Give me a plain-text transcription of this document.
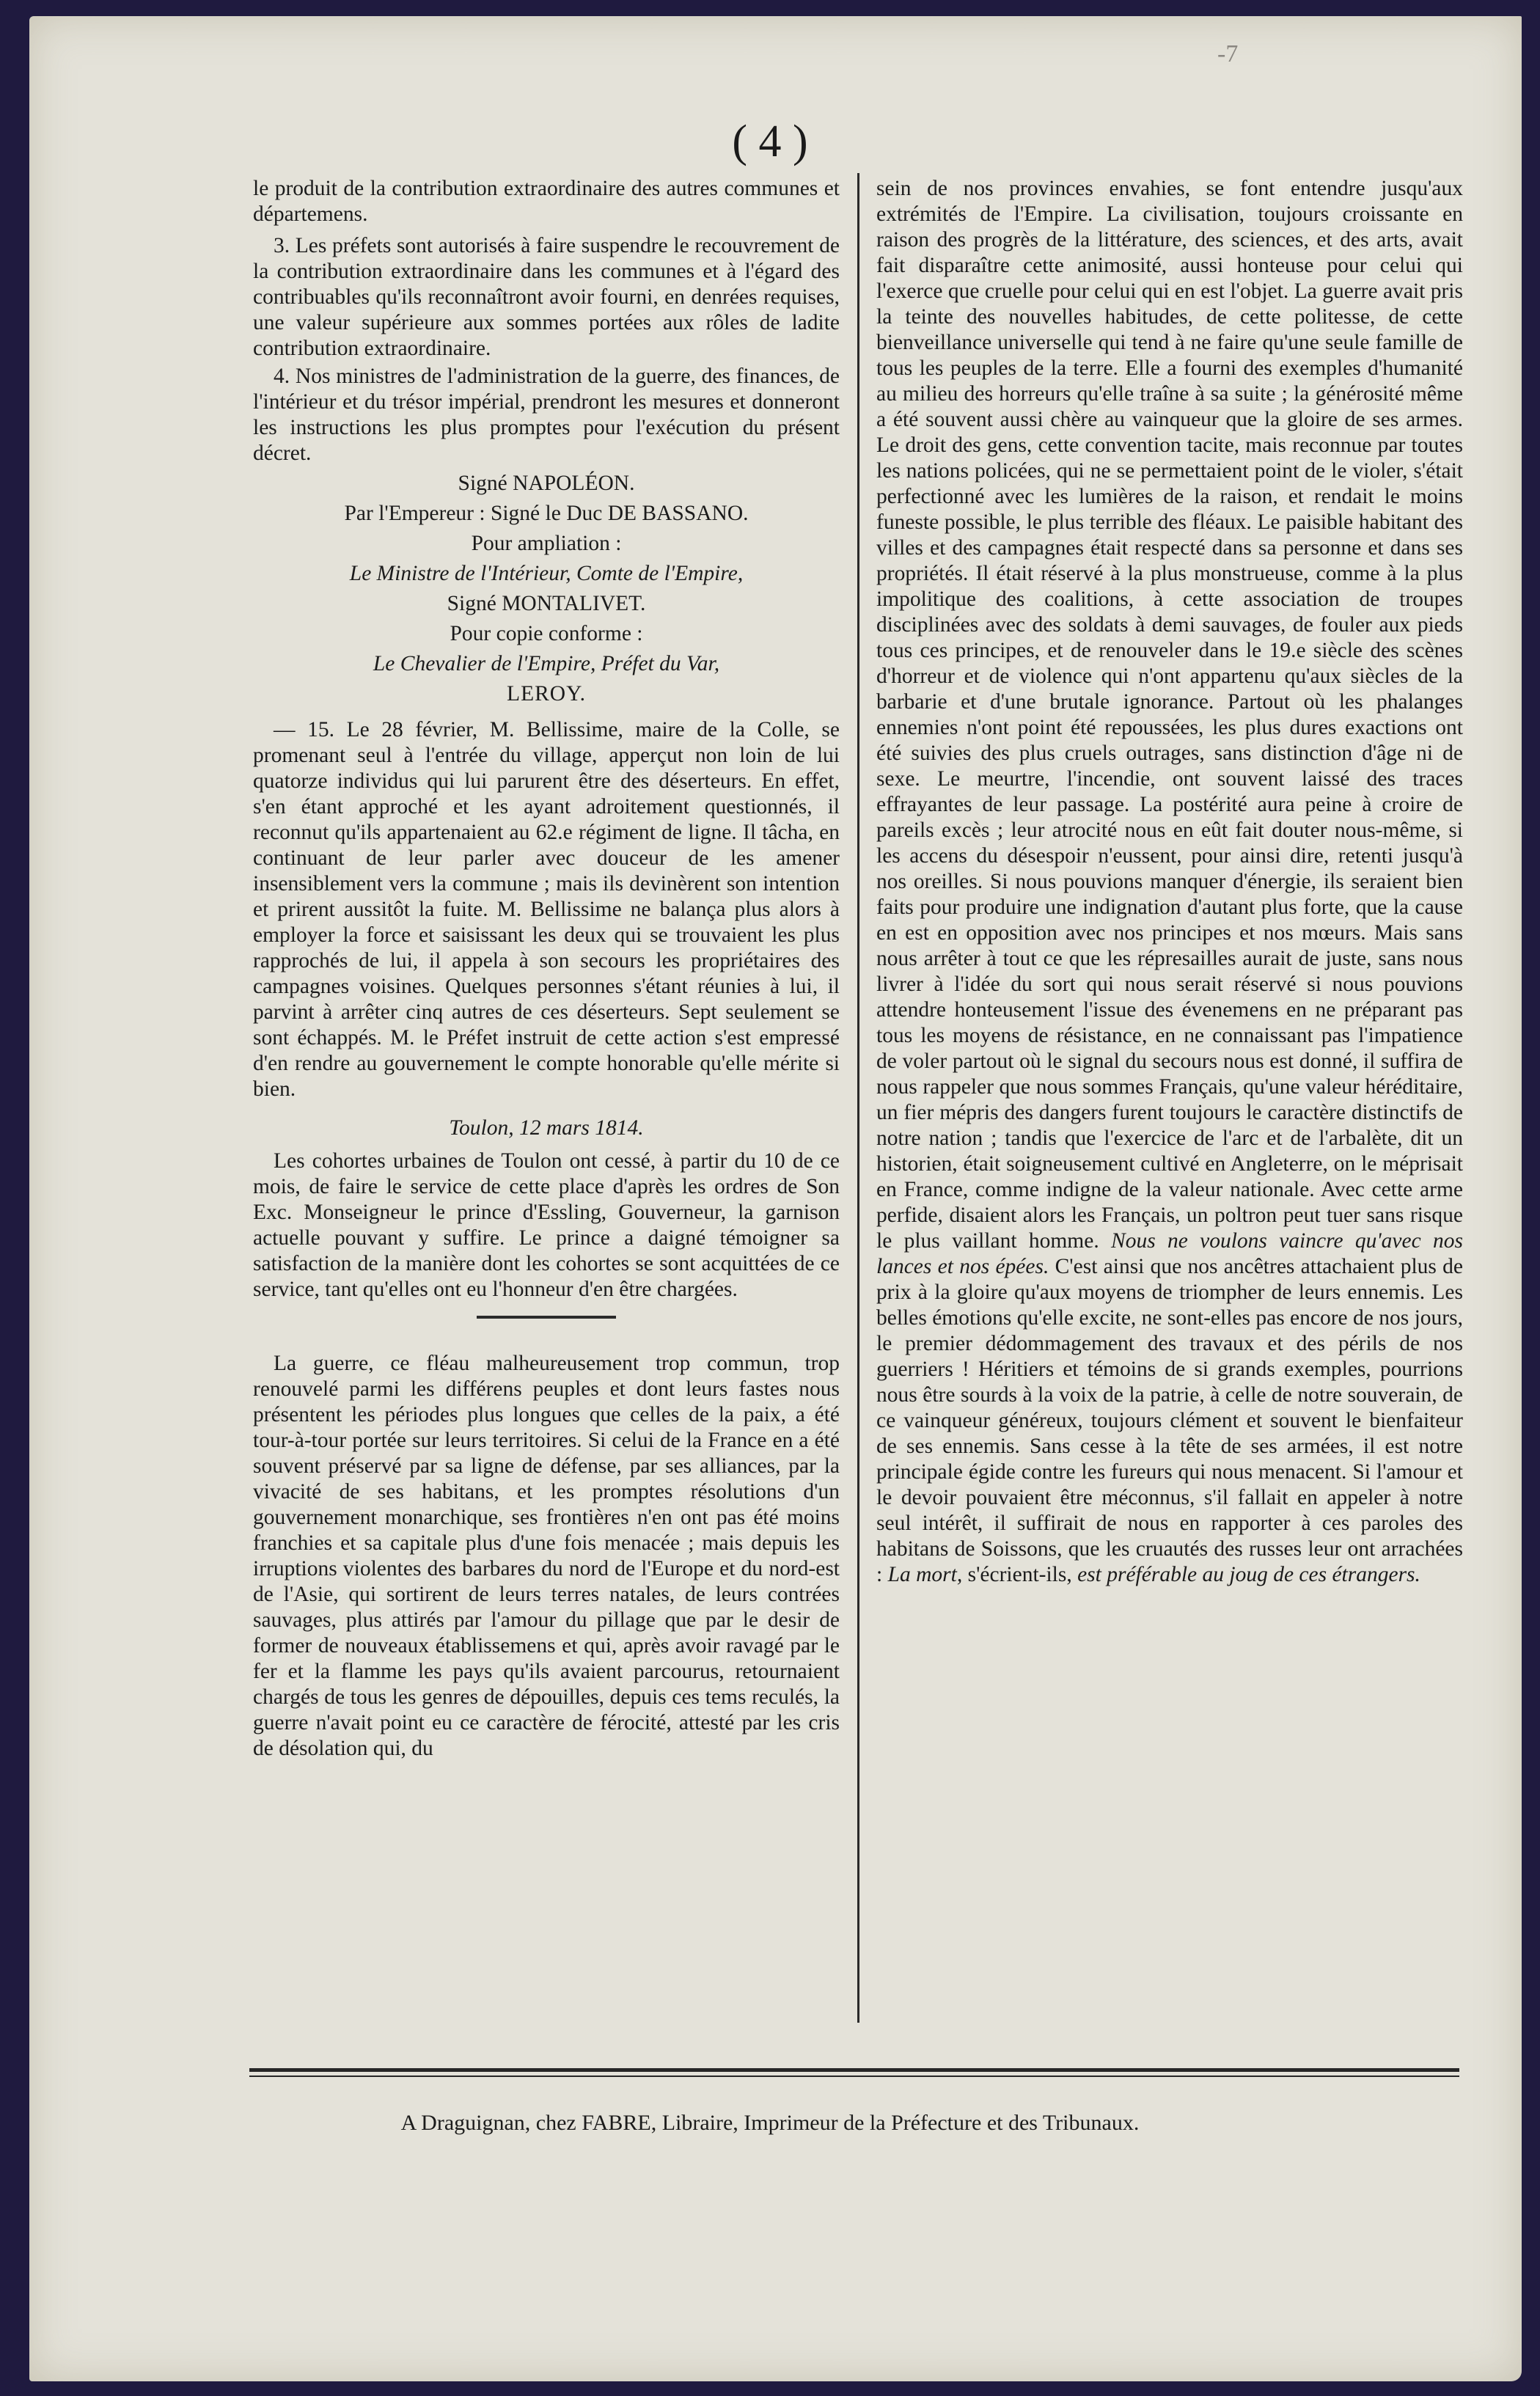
-7
( 4 )

le produit de la contribution extraordinaire des autres communes et départemens.

3. Les préfets sont autorisés à faire suspendre le recouvrement de la contribution extraordinaire dans les communes et à l'égard des contribuables qu'ils reconnaîtront avoir fourni, en denrées requises, une valeur supérieure aux sommes portées aux rôles de ladite contribution extraordinaire.

4. Nos ministres de l'administration de la guerre, des finances, de l'intérieur et du trésor impérial, prendront les mesures et donneront les instructions les plus promptes pour l'exécution du présent décret.

Signé NAPOLÉON.
Par l'Empereur : Signé le Duc DE BASSANO.
Pour ampliation :
Le Ministre de l'Intérieur, Comte de l'Empire,
Signé MONTALIVET.
Pour copie conforme :
Le Chevalier de l'Empire, Préfet du Var,
LEROY.

— 15. Le 28 février, M. Bellissime, maire de la Colle, se promenant seul à l'entrée du village, apperçut non loin de lui quatorze individus qui lui parurent être des déserteurs. En effet, s'en étant approché et les ayant adroitement questionnés, il reconnut qu'ils appartenaient au 62.e régiment de ligne. Il tâcha, en continuant de leur parler avec douceur de les amener insensiblement vers la commune ; mais ils devinèrent son intention et prirent aussitôt la fuite. M. Bellissime ne balança plus alors à employer la force et saisissant les deux qui se trouvaient les plus rapprochés de lui, il appela à son secours les propriétaires des campagnes voisines. Quelques personnes s'étant réunies à lui, il parvint à arrêter cinq autres de ces déserteurs. Sept seulement se sont échappés. M. le Préfet instruit de cette action s'est empressé d'en rendre au gouvernement le compte honorable qu'elle mérite si bien.

Toulon, 12 mars 1814.

Les cohortes urbaines de Toulon ont cessé, à partir du 10 de ce mois, de faire le service de cette place d'après les ordres de Son Exc. Monseigneur le prince d'Essling, Gouverneur, la garnison actuelle pouvant y suffire. Le prince a daigné témoigner sa satisfaction de la manière dont les cohortes se sont acquittées de ce service, tant qu'elles ont eu l'honneur d'en être chargées.

La guerre, ce fléau malheureusement trop commun, trop renouvelé parmi les différens peuples et dont leurs fastes nous présentent les périodes plus longues que celles de la paix, a été tour-à-tour portée sur leurs territoires. Si celui de la France en a été souvent préservé par sa ligne de défense, par ses alliances, par la vivacité de ses habitans, et les promptes résolutions d'un gouvernement monarchique, ses frontières n'en ont pas été moins franchies et sa capitale plus d'une fois menacée ; mais depuis les irruptions violentes des barbares du nord de l'Europe et du nord-est de l'Asie, qui sortirent de leurs terres natales, de leurs contrées sauvages, plus attirés par l'amour du pillage que par le desir de former de nouveaux établissemens et qui, après avoir ravagé par le fer et la flamme les pays qu'ils avaient parcourus, retournaient chargés de tous les genres de dépouilles, depuis ces tems reculés, la guerre n'avait point eu ce caractère de férocité, attesté par les cris de désolation qui, du

sein de nos provinces envahies, se font entendre jusqu'aux extrémités de l'Empire. La civilisation, toujours croissante en raison des progrès de la littérature, des sciences, et des arts, avait fait disparaître cette animosité, aussi honteuse pour celui qui l'exerce que cruelle pour celui qui en est l'objet. La guerre avait pris la teinte des nouvelles habitudes, de cette politesse, de cette bienveillance universelle qui tend à ne faire qu'une seule famille de tous les peuples de la terre. Elle a fourni des exemples d'humanité au milieu des horreurs qu'elle traîne à sa suite ; la générosité même a été souvent aussi chère au vainqueur que la gloire de ses armes. Le droit des gens, cette convention tacite, mais reconnue par toutes les nations policées, qui ne se permettaient point de le violer, s'était perfectionné avec les lumières de la raison, et rendait le moins funeste possible, le plus terrible des fléaux. Le paisible habitant des villes et des campagnes était respecté dans sa personne et dans ses propriétés. Il était réservé à la plus monstrueuse, comme à la plus impolitique des coalitions, à cette association de troupes disciplinées avec des soldats à demi sauvages, de fouler aux pieds tous ces principes, et de renouveler dans le 19.e siècle des scènes d'horreur et de violence qui n'ont appartenu qu'aux siècles de la barbarie et d'une brutale ignorance. Partout où les phalanges ennemies n'ont point été repoussées, les plus dures exactions ont été suivies des plus cruels outrages, sans distinction d'âge ni de sexe. Le meurtre, l'incendie, ont souvent laissé des traces effrayantes de leur passage. La postérité aura peine à croire de pareils excès ; leur atrocité nous en eût fait douter nous-même, si les accens du désespoir n'eussent, pour ainsi dire, retenti jusqu'à nos oreilles. Si nous pouvions manquer d'énergie, ils seraient bien faits pour produire une indignation d'autant plus forte, que la cause en est en opposition avec nos principes et nos mœurs. Mais sans nous arrêter à tout ce que les répresailles aurait de juste, sans nous livrer à l'idée du sort qui nous serait réservé si nous pouvions attendre honteusement l'issue des évenemens en ne préparant pas tous les moyens de résistance, en ne connaissant pas l'impatience de voler partout où le signal du secours nous est donné, il suffira de nous rappeler que nous sommes Français, qu'une valeur héréditaire, un fier mépris des dangers furent toujours le caractère distinctifs de notre nation ; tandis que l'exercice de l'arc et de l'arbalète, dit un historien, était soigneusement cultivé en Angleterre, on le méprisait en France, comme indigne de la valeur nationale. Avec cette arme perfide, disaient alors les Français, un poltron peut tuer sans risque le plus vaillant homme. Nous ne voulons vaincre qu'avec nos lances et nos épées. C'est ainsi que nos ancêtres attachaient plus de prix à la gloire qu'aux moyens de triompher de leurs ennemis. Les belles émotions qu'elle excite, ne sont-elles pas encore de nos jours, le premier dédommagement des travaux et des périls de nos guerriers ! Héritiers et témoins de si grands exemples, pourrions nous être sourds à la voix de la patrie, à celle de notre souverain, de ce vainqueur généreux, toujours clément et souvent le bienfaiteur de ses ennemis. Sans cesse à la tête de ses armées, il est notre principale égide contre les fureurs qui nous menacent. Si l'amour et le devoir pouvaient être méconnus, s'il fallait en appeler à notre seul intérêt, il suffirait de nous en rapporter à ces paroles des habitans de Soissons, que les cruautés des russes leur ont arrachées : La mort, s'écrient-ils, est préférable au joug de ces étrangers.

A Draguignan, chez FABRE, Libraire, Imprimeur de la Préfecture et des Tribunaux.
